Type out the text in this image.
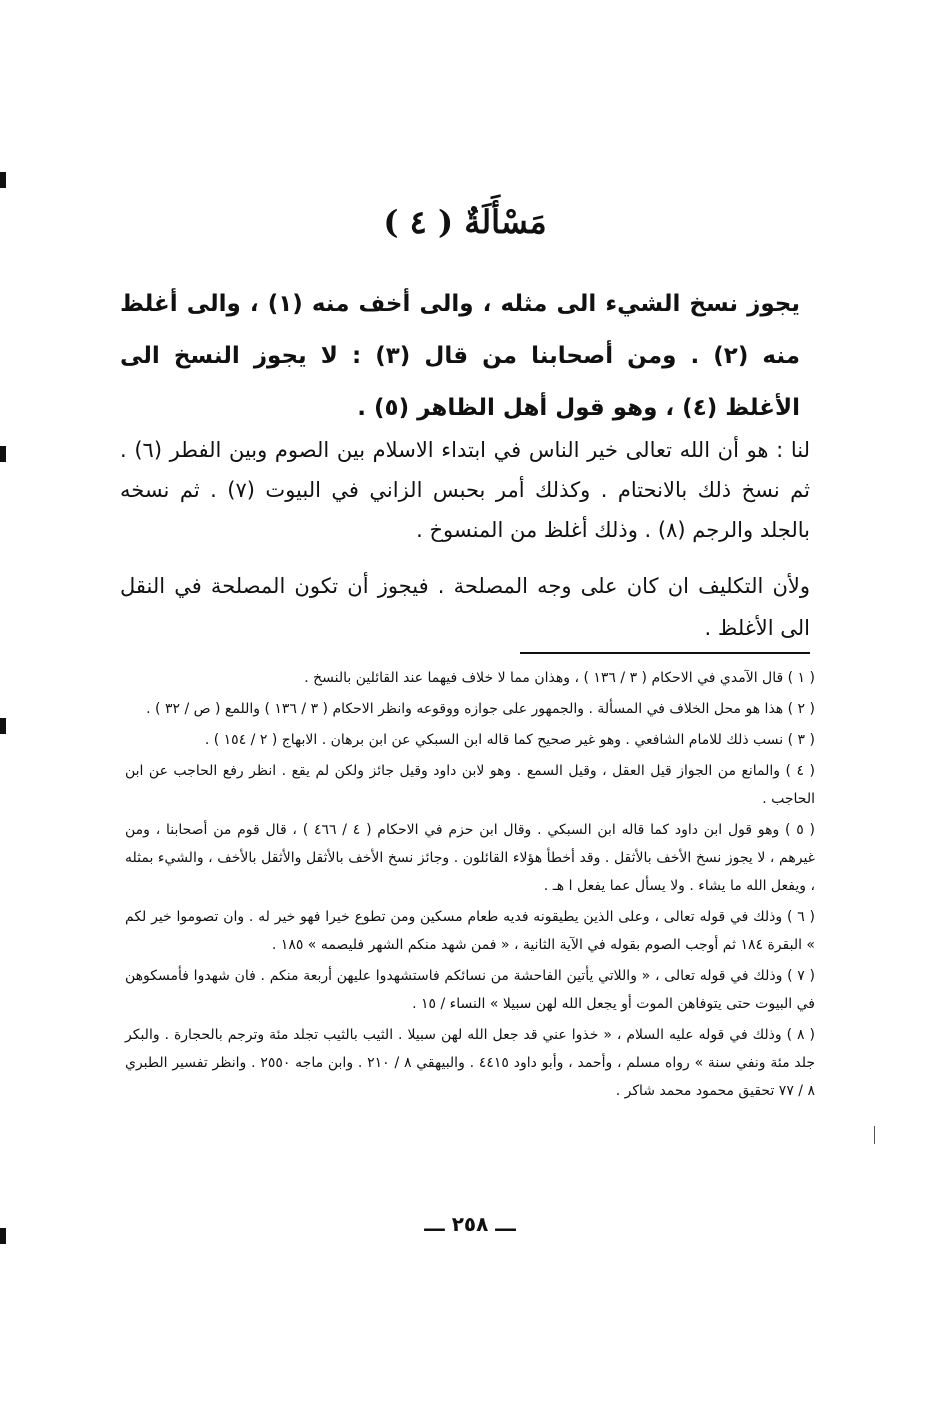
مَسْأَلَةٌ ( ٤ )
يجوز نسخ الشيء الى مثله ، والى أخف منه (١) ، والى أغلظ منه (٢) . ومن أصحابنا من قال (٣) : لا يجوز النسخ الى الأغلظ (٤) ، وهو قول أهل الظاهر (٥) .
لنا : هو أن الله تعالى خير الناس في ابتداء الاسلام بين الصوم وبين الفطر (٦) . ثم نسخ ذلك بالانحتام . وكذلك أمر بحبس الزاني في البيوت (٧) . ثم نسخه بالجلد والرجم (٨) . وذلك أغلظ من المنسوخ .
ولأن التكليف ان كان على وجه المصلحة . فيجوز أن تكون المصلحة في النقل الى الأغلظ .
( ١ ) قال الآمدي في الاحكام ( ٣ / ١٣٦ ) ، وهذان مما لا خلاف فيهما عند القائلين بالنسخ .
( ٢ ) هذا هو محل الخلاف في المسألة . والجمهور على جوازه ووقوعه وانظر الاحكام ( ٣ / ١٣٦ ) واللمع ( ص / ٣٢ ) .
( ٣ ) نسب ذلك للامام الشافعي . وهو غير صحيح كما قاله ابن السبكي عن ابن برهان . الابهاج ( ٢ / ١٥٤ ) .
( ٤ ) والمانع من الجواز قيل العقل ، وقيل السمع . وهو لابن داود وقيل جائز ولكن لم يقع . انظر رفع الحاجب عن ابن الحاجب .
( ٥ ) وهو قول ابن داود كما قاله ابن السبكي . وقال ابن حزم في الاحكام ( ٤ / ٤٦٦ ) ، قال قوم من أصحابنا ، ومن غيرهم ، لا يجوز نسخ الأخف بالأثقل . وقد أخطأ هؤلاء القائلون . وجائز نسخ الأخف بالأثقل والأثقل بالأخف ، والشيء بمثله ، ويفعل الله ما يشاء . ولا يسأل عما يفعل ا هـ .
( ٦ ) وذلك في قوله تعالى ، وعلى الذين يطيقونه فديه طعام مسكين ومن تطوع خيرا فهو خير له . وان تصوموا خير لكم » البقرة ١٨٤ ثم أوجب الصوم بقوله في الآية الثانية ، « فمن شهد منكم الشهر فليصمه » ١٨٥ .
( ٧ ) وذلك في قوله تعالى ، « واللاتي يأتين الفاحشة من نسائكم فاستشهدوا عليهن أربعة منكم . فان شهدوا فأمسكوهن في البيوت حتى يتوفاهن الموت أو يجعل الله لهن سبيلا » النساء / ١٥ .
( ٨ ) وذلك في قوله عليه السلام ، « خذوا عني قد جعل الله لهن سبيلا . الثيب بالثيب تجلد مئة وترجم بالحجارة . والبكر جلد مئة ونفي سنة » رواه مسلم ، وأحمد ، وأبو داود ٤٤١٥ . والبيهقي ٨ / ٢١٠ . وابن ماجه ٢٥٥٠ . وانظر تفسير الطبري ٨ / ٧٧ تحقيق محمود محمد شاكر .
ـــ ٢٥٨ ـــ
